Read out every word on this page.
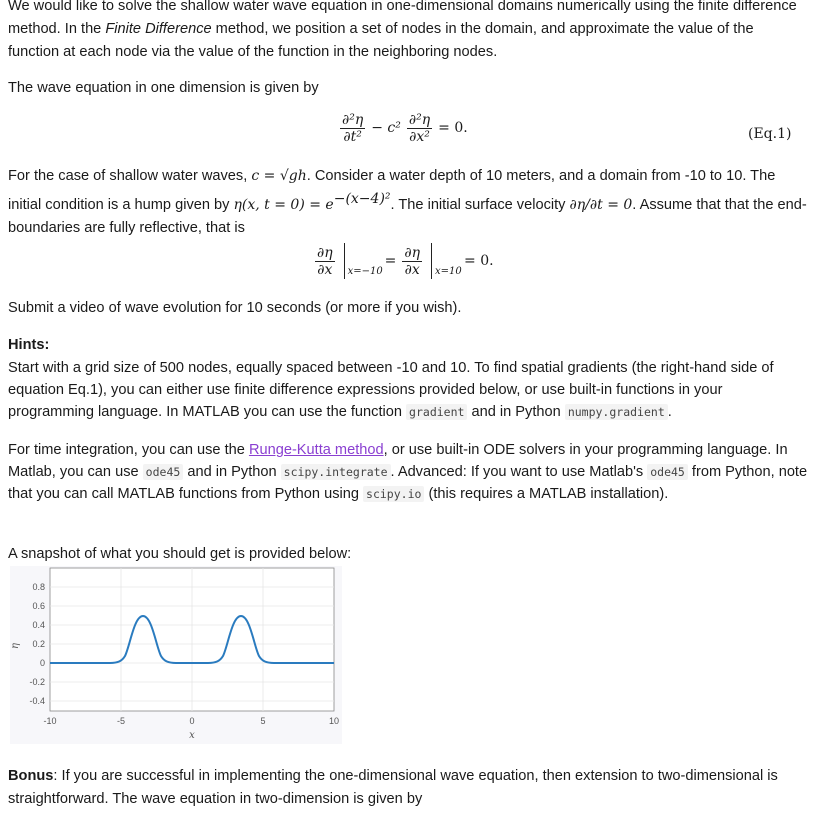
We would like to solve the shallow water wave equation in one-dimensional domains numerically using the finite difference method. In the Finite Difference method, we position a set of nodes in the domain, and approximate the value of the function at each node via the value of the function in the neighboring nodes.

The wave equation in one dimension is given by

$\frac{\text{∂²η}}{\text{∂t²}} - c^2 \frac{\text{∂²η}}{\text{∂x²}} = 0$.	(Eq.1)

For the case of shallow water waves, c = √gh. Consider a water depth of 10 meters, and a domain from -10 to 10. The initial condition is a hump given by η(x, $t = 0) = e^{-(x-4)^2}$. The initial surface velocity ∂η/∂t = 0. Assume that that the end-boundaries are fully reflective, that is

$\frac{\partial\eta}{\partial x} x=-10$
= $\frac{\partial\eta}{\partial x} x=10$
= 0.

Submit a video of wave evolution for 10 seconds (or more if you wish).

Hints:

Start with a grid size of 500 nodes, equally spaced between -10 and 10. To find spatial gradients (the right-hand side of equation Eq.1), you can either use finite difference expressions provided below, or use built-in functions in your programming language. In MATLAB you can use the function gradient and in Python numpy.gradient .

For time integration, you can use the Runge-Kutta method, or use built-in ODE solvers in your programming language. In Matlab, you can use ode45 and in Python scipy.integrate . Advanced: If you want to use Matlab's ode45 from Python, note that you can call MATLAB functions from Python using scipy.io (this requires a MATLAB installation).

A snapshot of what you should get is provided below:

0.8
0.6
0.4
0.2
0
-0.2
-0.4
-10	-5	0	5	10
x
η

Bonus: If you are successful in implementing the one-dimensional wave equation, then extension to two-dimensional is straightforward. The wave equation in two-dimension is given by
